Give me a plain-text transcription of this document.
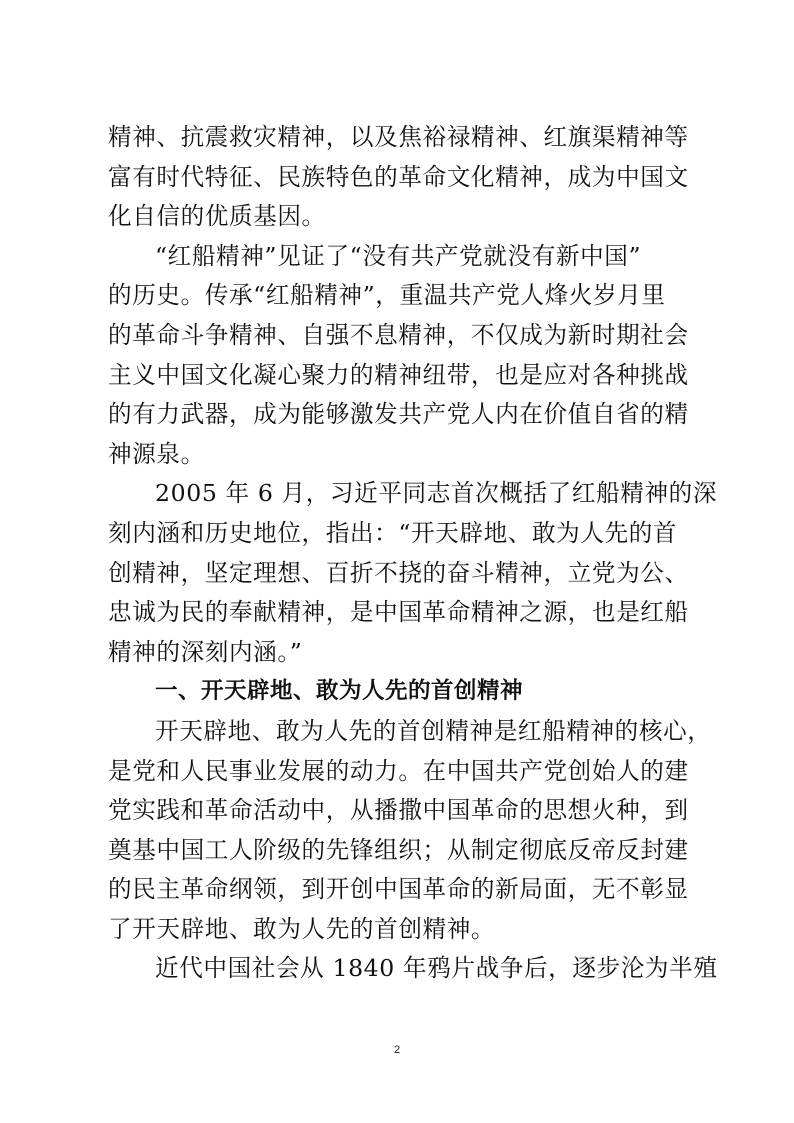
精神、抗震救灾精神，以及焦裕禄精神、红旗渠精神等
富有时代特征、民族特色的革命文化精神，成为中国文
化自信的优质基因。
“红船精神”见证了“没有共产党就没有新中国”
的历史。传承“红船精神”，重温共产党人烽火岁月里
的革命斗争精神、自强不息精神，不仅成为新时期社会
主义中国文化凝心聚力的精神纽带，也是应对各种挑战
的有力武器，成为能够激发共产党人内在价值自省的精
神源泉。
2005 年 6 月，习近平同志首次概括了红船精神的深
刻内涵和历史地位，指出：“开天辟地、敢为人先的首
创精神，坚定理想、百折不挠的奋斗精神，立党为公、
忠诚为民的奉献精神，是中国革命精神之源，也是红船
精神的深刻内涵。”
一、开天辟地、敢为人先的首创精神
开天辟地、敢为人先的首创精神是红船精神的核心，
是党和人民事业发展的动力。在中国共产党创始人的建
党实践和革命活动中，从播撒中国革命的思想火种，到
奠基中国工人阶级的先锋组织；从制定彻底反帝反封建
的民主革命纲领，到开创中国革命的新局面，无不彰显
了开天辟地、敢为人先的首创精神。
近代中国社会从 1840 年鸦片战争后，逐步沦为半殖
2
